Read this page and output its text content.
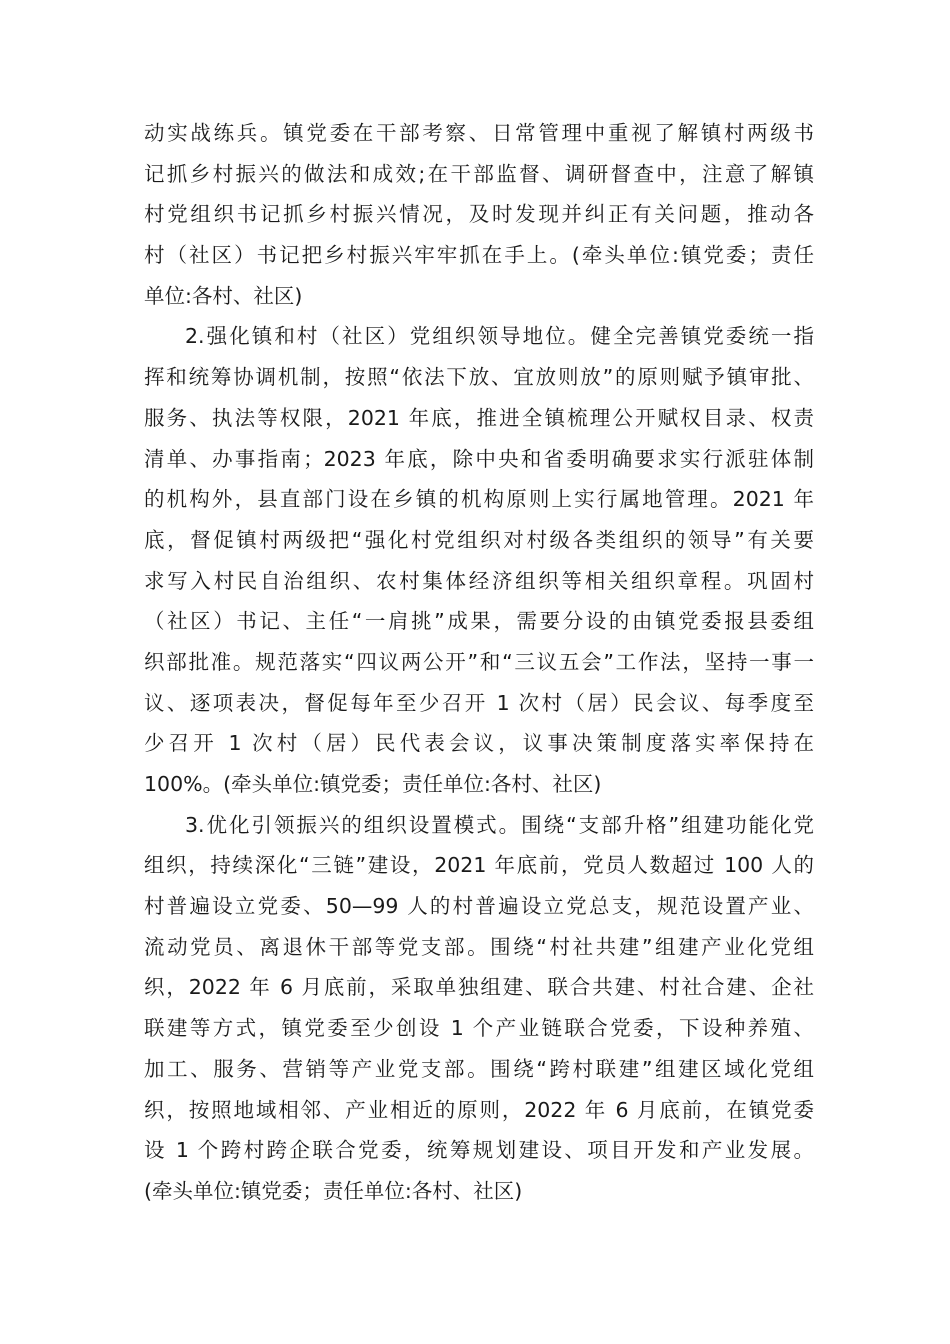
动实战练兵。镇党委在干部考察、日常管理中重视了解镇村两级书
记抓乡村振兴的做法和成效;在干部监督、调研督查中，注意了解镇
村党组织书记抓乡村振兴情况，及时发现并纠正有关问题，推动各
村（社区）书记把乡村振兴牢牢抓在手上。(牵头单位:镇党委；责任
单位:各村、社区)
2.强化镇和村（社区）党组织领导地位。健全完善镇党委统一指
挥和统筹协调机制，按照“依法下放、宜放则放”的原则赋予镇审批、
服务、执法等权限，2021 年底，推进全镇梳理公开赋权目录、权责
清单、办事指南；2023 年底，除中央和省委明确要求实行派驻体制
的机构外，县直部门设在乡镇的机构原则上实行属地管理。2021 年
底，督促镇村两级把“强化村党组织对村级各类组织的领导”有关要
求写入村民自治组织、农村集体经济组织等相关组织章程。巩固村
（社区）书记、主任“一肩挑”成果，需要分设的由镇党委报县委组
织部批准。规范落实“四议两公开”和“三议五会”工作法，坚持一事一
议、逐项表决，督促每年至少召开 1 次村（居）民会议、每季度至
少召开 1 次村（居）民代表会议，议事决策制度落实率保持在
100%。(牵头单位:镇党委；责任单位:各村、社区)
3.优化引领振兴的组织设置模式。围绕“支部升格”组建功能化党
组织，持续深化“三链”建设，2021 年底前，党员人数超过 100 人的
村普遍设立党委、50—99 人的村普遍设立党总支，规范设置产业、
流动党员、离退休干部等党支部。围绕“村社共建”组建产业化党组
织，2022 年 6 月底前，采取单独组建、联合共建、村社合建、企社
联建等方式，镇党委至少创设 1 个产业链联合党委，下设种养殖、
加工、服务、营销等产业党支部。围绕“跨村联建”组建区域化党组
织，按照地域相邻、产业相近的原则，2022 年 6 月底前，在镇党委
设 1 个跨村跨企联合党委，统筹规划建设、项目开发和产业发展。
(牵头单位:镇党委；责任单位:各村、社区)
